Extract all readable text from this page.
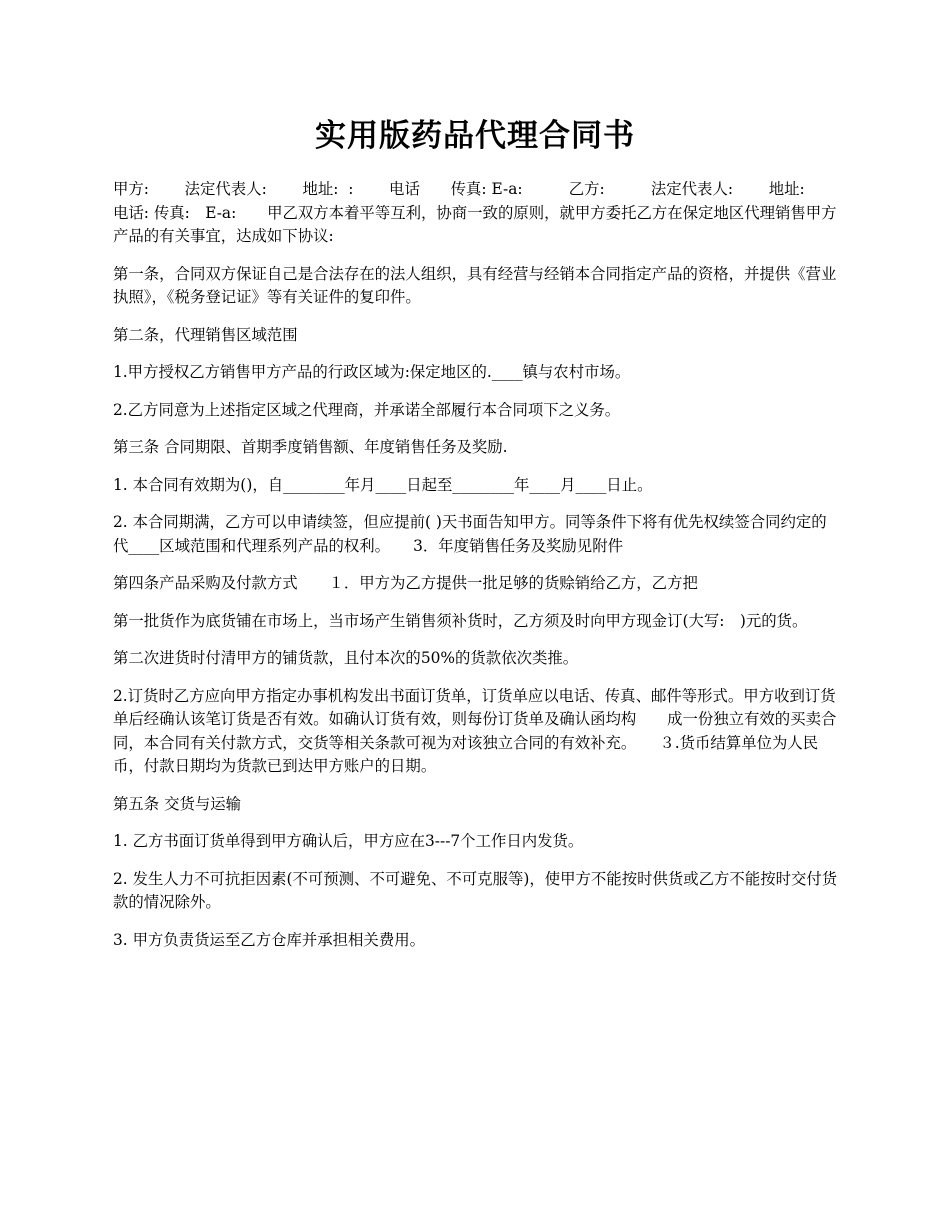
实用版药品代理合同书

甲方:　　 法定代表人:　　 地址:  :　　 电话　　传真: E-a:　　　乙方:　　　法定代表人:　　 地址:　　　电话: 传真:　E-a:　　甲乙双方本着平等互利，协商一致的原则，就甲方委托乙方在保定地区代理销售甲方产品的有关事宜，达成如下协议:

第一条，合同双方保证自己是合法存在的法人组织，具有经营与经销本合同指定产品的资格，并提供《营业执照》，《税务登记证》等有关证件的复印件。

第二条，代理销售区域范围

1.甲方授权乙方销售甲方产品的行政区域为:保定地区的.____镇与农村市场。

2.乙方同意为上述指定区域之代理商，并承诺全部履行本合同项下之义务。

第三条 合同期限、首期季度销售额、年度销售任务及奖励.

1. 本合同有效期为()，自________年月____日起至________年____月____日止。

2. 本合同期满，乙方可以申请续签，但应提前( )天书面告知甲方。同等条件下将有优先权续签合同约定的代____区域范围和代理系列产品的权利。　　3．年度销售任务及奖励见附件

第四条产品采购及付款方式　　１．甲方为乙方提供一批足够的货赊销给乙方，乙方把

第一批货作为底货铺在市场上，当市场产生销售须补货时，乙方须及时向甲方现金订(大写:　)元的货。

第二次进货时付清甲方的铺货款，且付本次的50%的货款依次类推。

2.订货时乙方应向甲方指定办事机构发出书面订货单，订货单应以电话、传真、邮件等形式。甲方收到订货单后经确认该笔订货是否有效。如确认订货有效，则每份订货单及确认函均构　　成一份独立有效的买卖合同，本合同有关付款方式，交货等相关条款可视为对该独立合同的有效补充。　　３.货币结算单位为人民币，付款日期均为货款已到达甲方账户的日期。

第五条 交货与运输

1. 乙方书面订货单得到甲方确认后，甲方应在3---7个工作日内发货。

2. 发生人力不可抗拒因素(不可预测、不可避免、不可克服等)，使甲方不能按时供货或乙方不能按时交付货款的情况除外。

3. 甲方负责货运至乙方仓库并承担相关费用。
